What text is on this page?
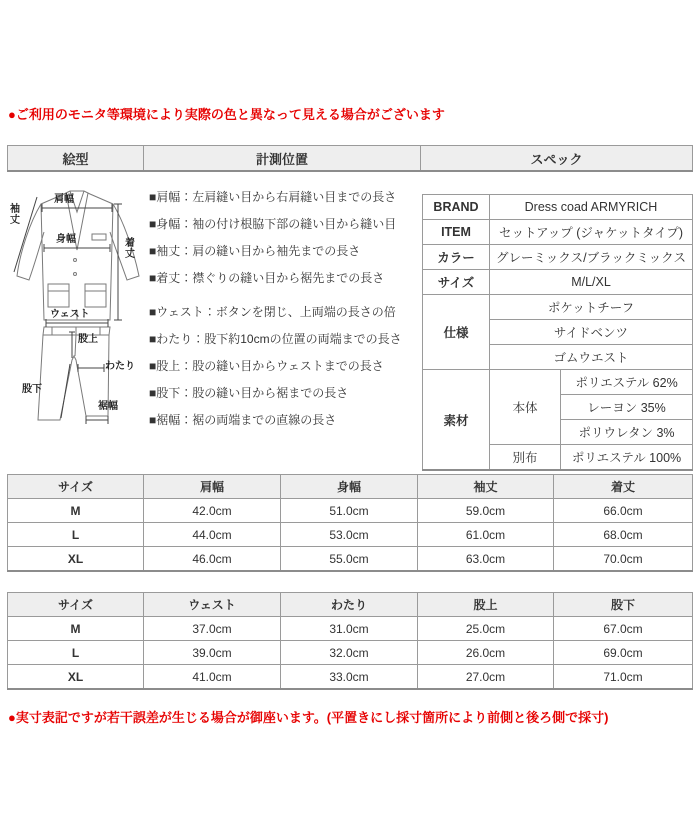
●ご利用のモニタ等環境により実際の色と異なって見える場合がございます
絵型	計測位置	スペック
肩幅
身幅
袖丈
着丈
ウェスト
股上
わたり
股下
裾幅
■肩幅：左肩縫い目から右肩縫い目までの長さ
■身幅：袖の付け根脇下部の縫い目から縫い目
■袖丈：肩の縫い目から袖先までの長さ
■着丈：襟ぐりの縫い目から裾先までの長さ
■ウェスト：ボタンを閉じ、上両端の長さの倍
■わたり：股下約10cmの位置の両端までの長さ
■股上：股の縫い目からウェストまでの長さ
■股下：股の縫い目から裾までの長さ
■裾幅：裾の両端までの直線の長さ
BRAND	Dress coad ARMYRICH	
ITEM	セットアップ (ジャケットタイプ)	
カラー	グレーミックス/ブラックミックス	
サイズ	M/L/XL	
仕様	ポケットチーフ	
	サイドベンツ	
	ゴムウエスト	
素材	本体	ポリエステル 62%
		レーヨン 35%
		ポリウレタン 3%
	別布	ポリエステル 100%
サイズ	肩幅	身幅	袖丈	着丈
M	42.0cm	51.0cm	59.0cm	66.0cm
L	44.0cm	53.0cm	61.0cm	68.0cm
XL	46.0cm	55.0cm	63.0cm	70.0cm
サイズ	ウェスト	わたり	股上	股下
M	37.0cm	31.0cm	25.0cm	67.0cm
L	39.0cm	32.0cm	26.0cm	69.0cm
XL	41.0cm	33.0cm	27.0cm	71.0cm
●実寸表記ですが若干誤差が生じる場合が御座います。(平置きにし採寸箇所により前側と後ろ側で採寸)
